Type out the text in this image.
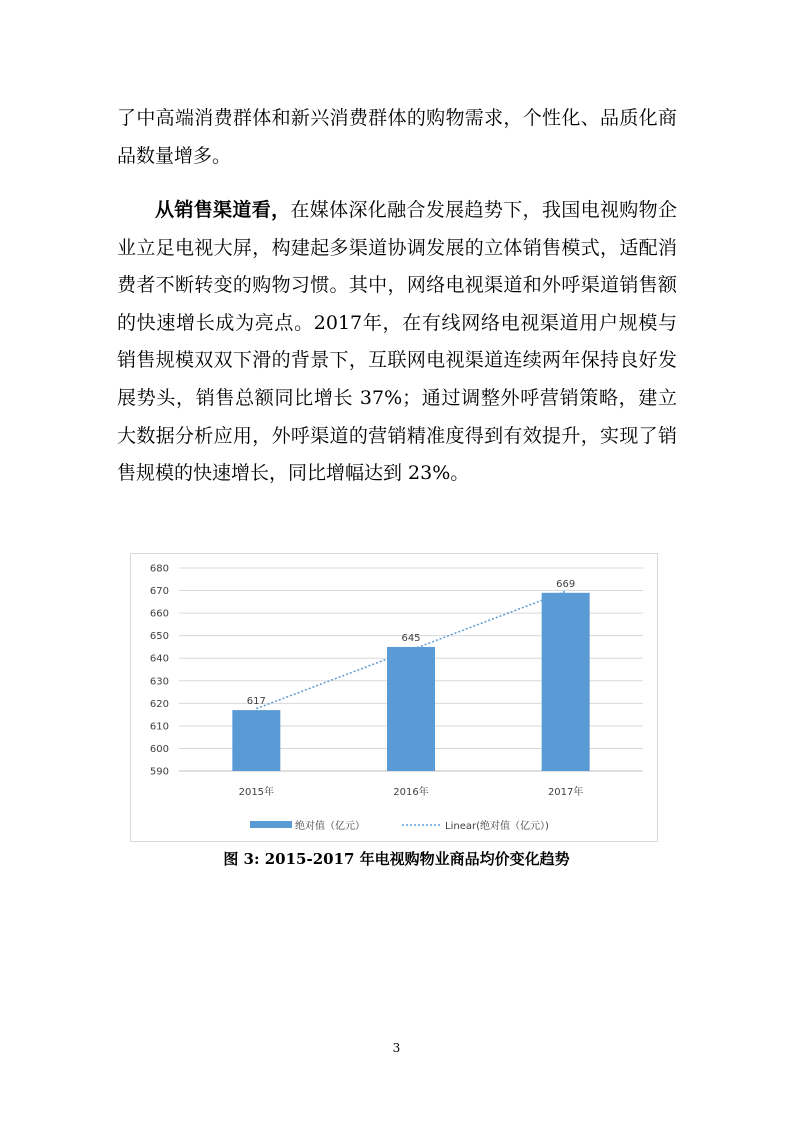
了中高端消费群体和新兴消费群体的购物需求，个性化、品质化商品数量增多。

从销售渠道看，在媒体深化融合发展趋势下，我国电视购物企业立足电视大屏，构建起多渠道协调发展的立体销售模式，适配消费者不断转变的购物习惯。其中，网络电视渠道和外呼渠道销售额的快速增长成为亮点。2017年，在有线网络电视渠道用户规模与销售规模双双下滑的背景下，互联网电视渠道连续两年保持良好发展势头，销售总额同比增长 37%；通过调整外呼营销策略，建立大数据分析应用，外呼渠道的营销精准度得到有效提升，实现了销售规模的快速增长，同比增幅达到 23%。

590
600
610
620
630
640
650
660
670
680
617
645
669
2015年	2016年	2017年
绝对值（亿元）	Linear(绝对值（亿元）)

图 3: 2015-2017 年电视购物业商品均价变化趋势

3
